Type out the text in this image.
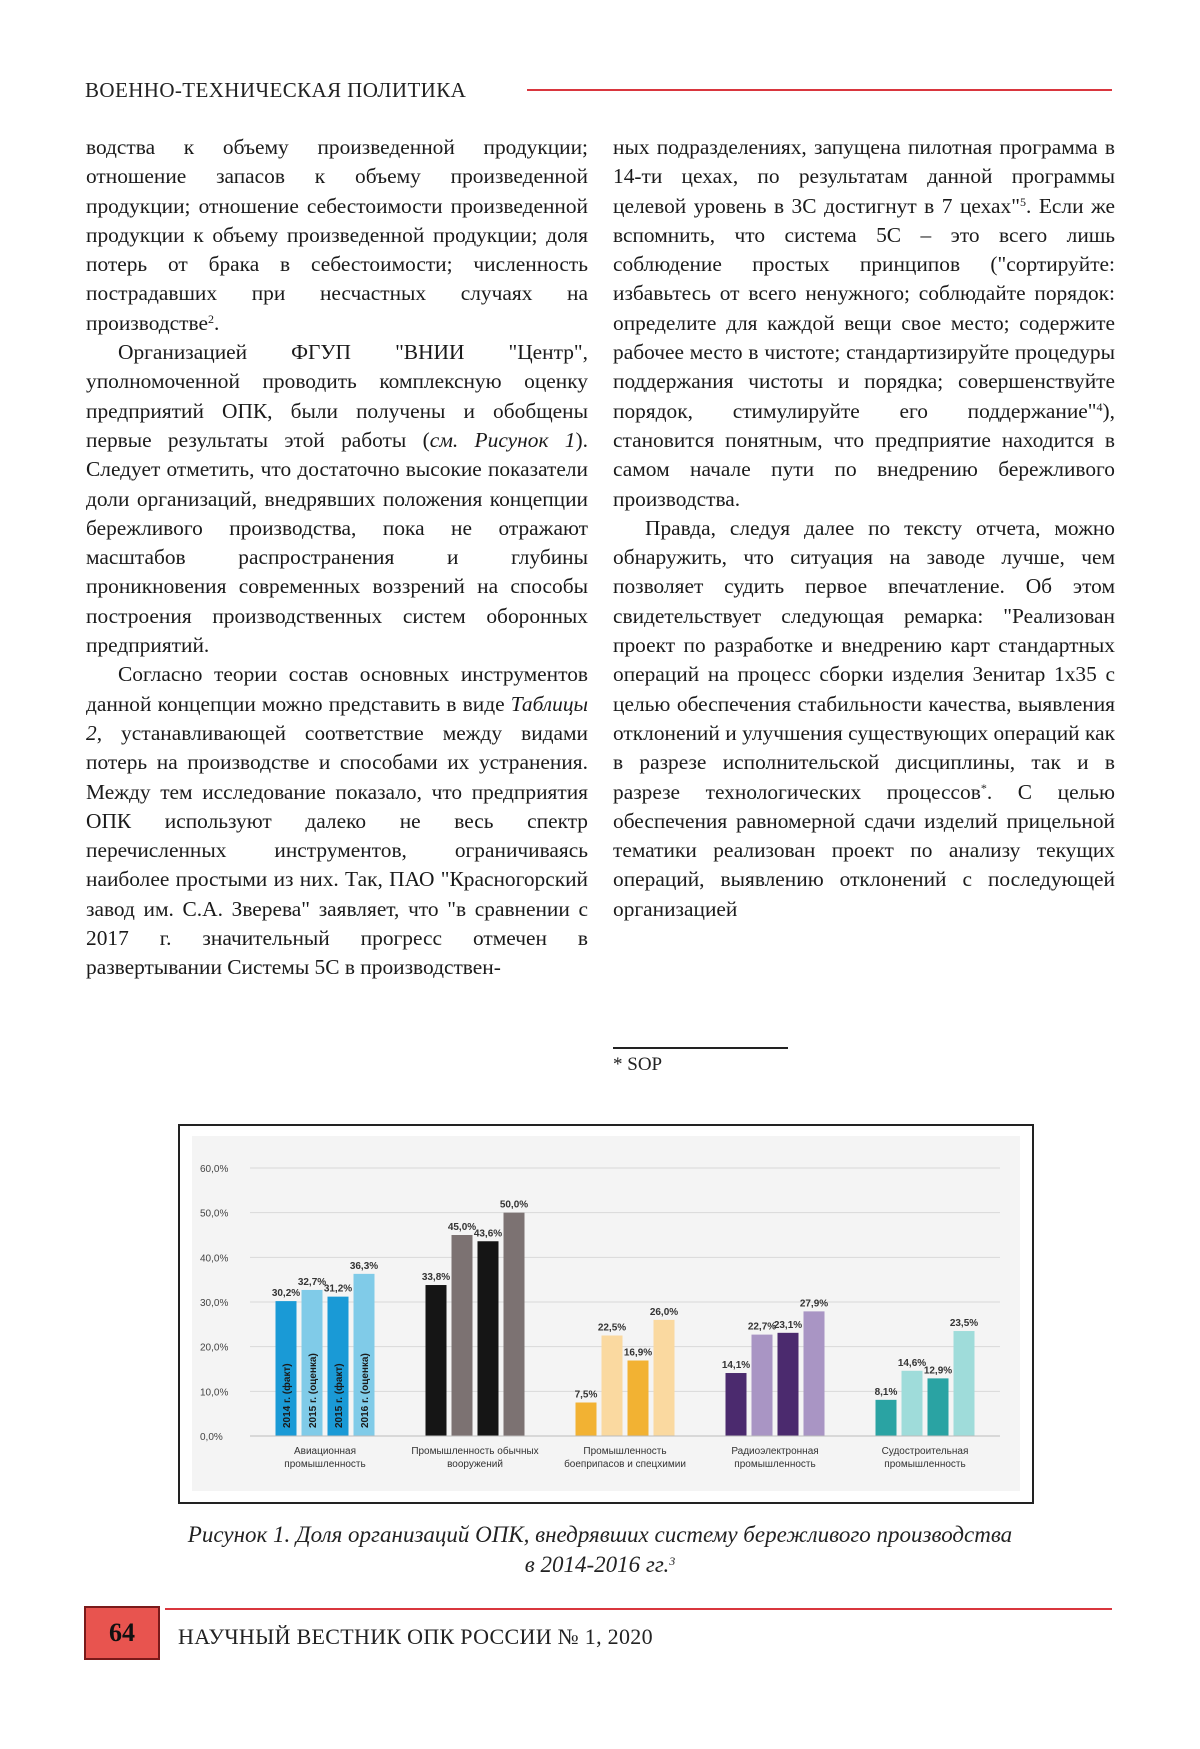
ВОЕННО-ТЕХНИЧЕСКАЯ ПОЛИТИКА

водства к объему произведенной продукции; отношение запасов к объему произведенной продукции; отношение себестоимости произведенной продукции к объему произведенной продукции; доля потерь от брака в себестоимости; численность пострадавших при несчастных случаях на производстве$^2$.

Организацией ФГУП "ВНИИ "Центр", уполномоченной проводить комплексную оценку предприятий ОПК, были получены и обобщены первые результаты этой работы (см. Рисунок 1). Следует отметить, что достаточно высокие показатели доли организаций, внедрявших положения концепции бережливого производства, пока не отражают масштабов распространения и глубины проникновения современных воззрений на способы построения производственных систем оборонных предприятий.

Согласно теории состав основных инструментов данной концепции можно представить в виде Таблицы 2, устанавливающей соответствие между видами потерь на производстве и способами их устранения. Между тем исследование показало, что предприятия ОПК используют далеко не весь спектр перечисленных инструментов, ограничиваясь наиболее простыми из них. Так, ПАО "Красногорский завод им. С.А. Зверева" заявляет, что "в сравнении с 2017 г. значительный прогресс отмечен в развертывании Системы 5С в производствен-

ных подразделениях, запущена пилотная программа в 14-ти цехах, по результатам данной программы целевой уровень в 3С достигнут в 7 цехах"$^5$. Если же вспомнить, что система 5С – это всего лишь соблюдение простых принципов ("сортируйте: избавьтесь от всего ненужного; соблюдайте порядок: определите для каждой вещи свое место; содержите рабочее место в чистоте; стандартизируйте процедуры поддержания чистоты и порядка; совершенствуйте порядок, стимулируйте его поддержание"$^4$), становится понятным, что предприятие находится в самом начале пути по внедрению бережливого производства.

Правда, следуя далее по тексту отчета, можно обнаружить, что ситуация на заводе лучше, чем позволяет судить первое впечатление. Об этом свидетельствует следующая ремарка: "Реализован проект по разработке и внедрению карт стандартных операций на процесс сборки изделия Зенитар 1х35 с целью обеспечения стабильности качества, выявления отклонений и улучшения существующих операций как в разрезе исполнительской дисциплины, так и в разрезе технологических процессов*. С целью обеспечения равномерной сдачи изделий прицельной тематики реализован проект по анализу текущих операций, выявлению отклонений с последующей организацией

* SOP
0,0%
10,0%
20,0%
30,0%
40,0%
50,0%
60,0%
30,2%
2014 г. (факт)
32,7%
2015 г. (оценка)
31,2%
2015 г. (факт)
36,3%
2016 г. (оценка)
Авиационная
промышленность
33,8%
45,0%
43,6%
50,0%
Промышленность обычных
вооружений
7,5%
22,5%
16,9%
26,0%
Промышленность
боеприпасов и спецхимии
14,1%
22,7%
23,1%
27,9%
Радиоэлектронная
промышленность
8,1%
14,6%
12,9%
23,5%
Судостроительная
промышленность
Рисунок 1. Доля организаций ОПК, внедрявших систему бережливого производства
в 2014-2016 гг.$^3$
64	НАУЧНЫЙ ВЕСТНИК ОПК РОССИИ № 1, 2020
